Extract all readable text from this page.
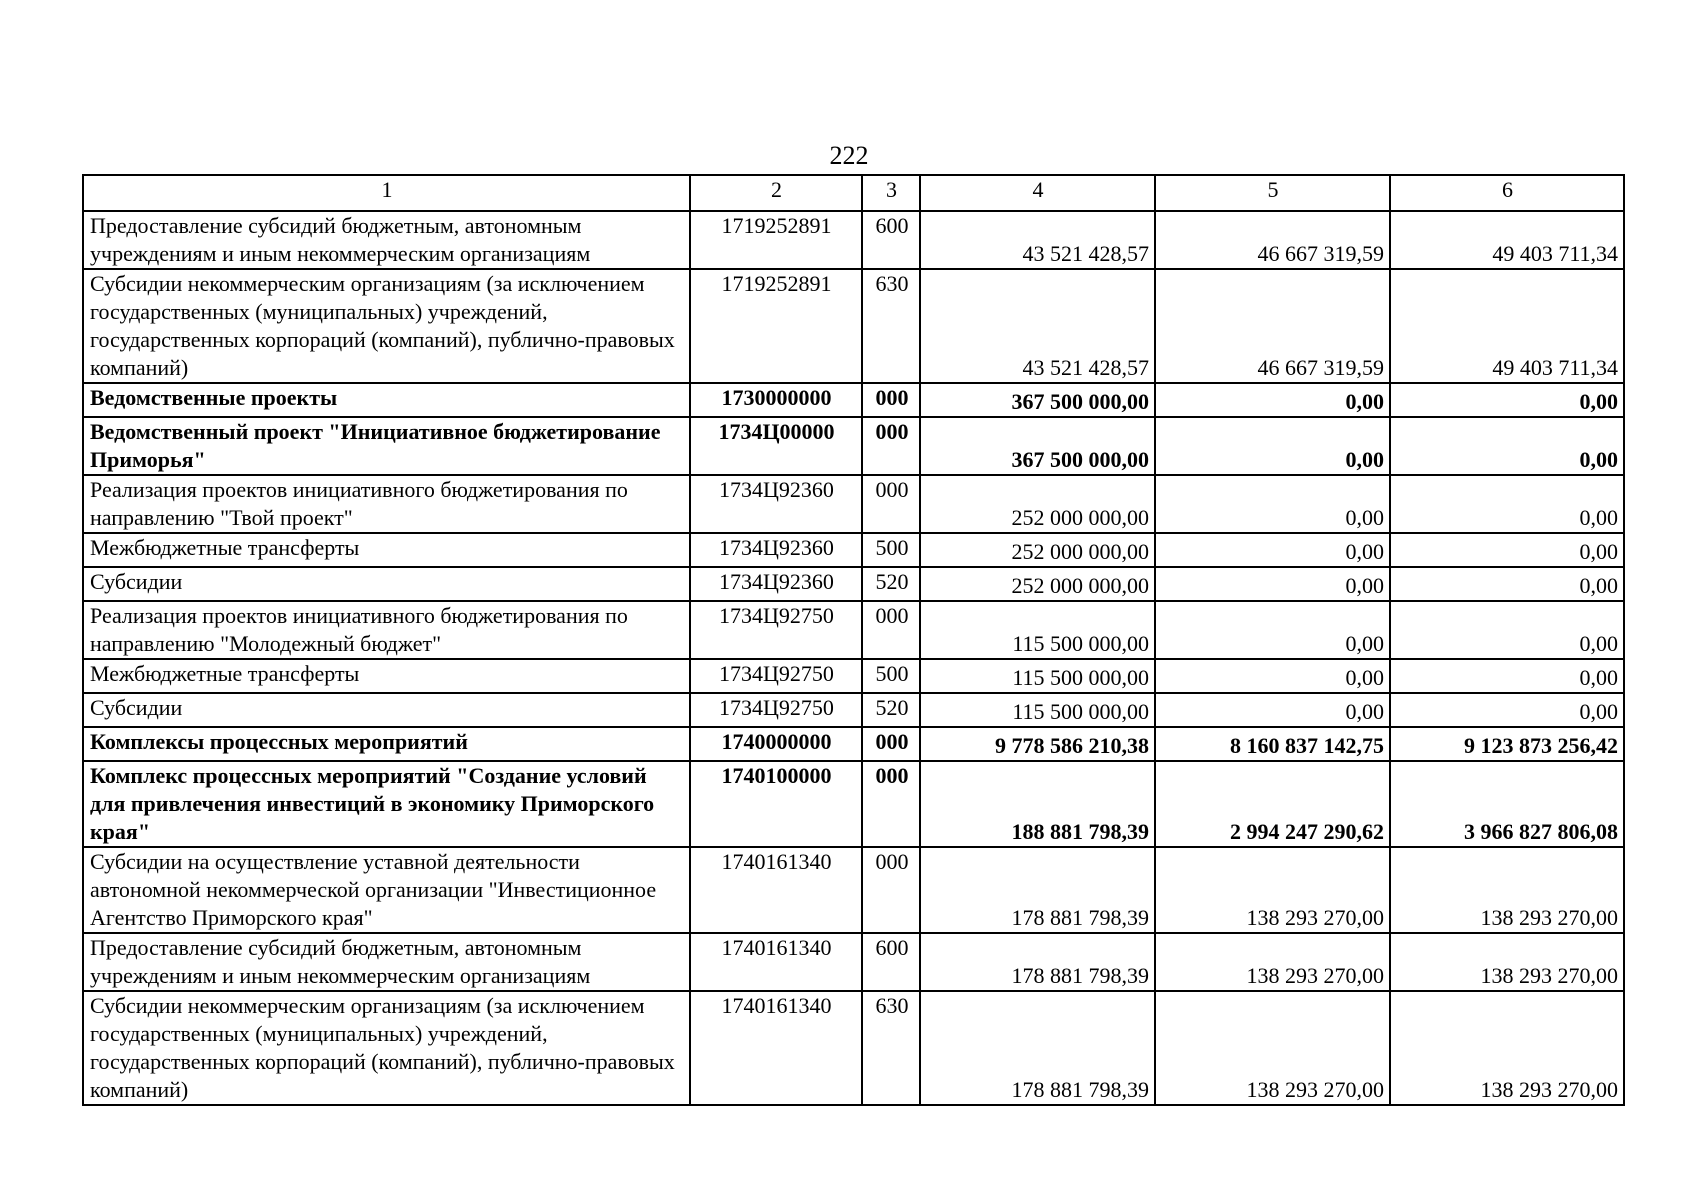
222
1	2	3	4	5	6
Предоставление субсидий бюджетным, автономным учреждениям и иным некоммерческим организациям	1719252891	600	43 521 428,57	46 667 319,59	49 403 711,34
Субсидии некоммерческим организациям (за исключением государственных (муниципальных) учреждений, государственных корпораций (компаний), публично-правовых компаний)	1719252891	630	43 521 428,57	46 667 319,59	49 403 711,34
Ведомственные проекты	1730000000	000	367 500 000,00	0,00	0,00
Ведомственный проект "Инициативное бюджетирование Приморья"	1734Ц00000	000	367 500 000,00	0,00	0,00
Реализация проектов инициативного бюджетирования по направлению "Твой проект"	1734Ц92360	000	252 000 000,00	0,00	0,00
Межбюджетные трансферты	1734Ц92360	500	252 000 000,00	0,00	0,00
Субсидии	1734Ц92360	520	252 000 000,00	0,00	0,00
Реализация проектов инициативного бюджетирования по направлению "Молодежный бюджет"	1734Ц92750	000	115 500 000,00	0,00	0,00
Межбюджетные трансферты	1734Ц92750	500	115 500 000,00	0,00	0,00
Субсидии	1734Ц92750	520	115 500 000,00	0,00	0,00
Комплексы процессных мероприятий	1740000000	000	9 778 586 210,38	8 160 837 142,75	9 123 873 256,42
Комплекс процессных мероприятий "Создание условий для привлечения инвестиций в экономику Приморского края"	1740100000	000	188 881 798,39	2 994 247 290,62	3 966 827 806,08
Субсидии на осуществление уставной деятельности автономной некоммерческой организации "Инвестиционное Агентство Приморского края"	1740161340	000	178 881 798,39	138 293 270,00	138 293 270,00
Предоставление субсидий бюджетным, автономным учреждениям и иным некоммерческим организациям	1740161340	600	178 881 798,39	138 293 270,00	138 293 270,00
Субсидии некоммерческим организациям (за исключением государственных (муниципальных) учреждений, государственных корпораций (компаний), публично-правовых компаний)	1740161340	630	178 881 798,39	138 293 270,00	138 293 270,00
